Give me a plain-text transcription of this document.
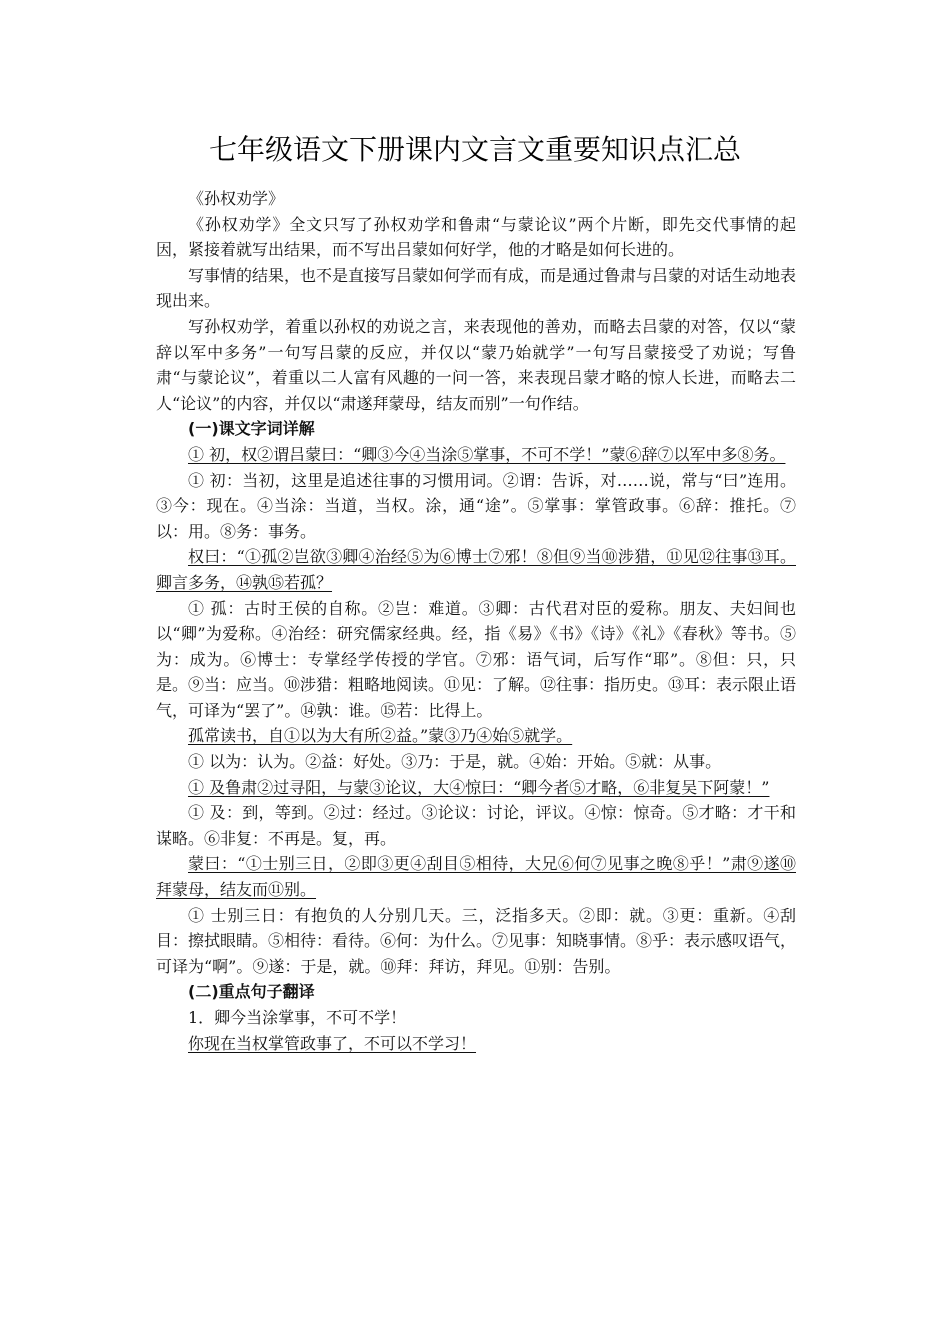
七年级语文下册课内文言文重要知识点汇总

《孙权劝学》

《孙权劝学》全文只写了孙权劝学和鲁肃“与蒙论议”两个片断，即先交代事情的起因，紧接着就写出结果，而不写出吕蒙如何好学，他的才略是如何长进的。

写事情的结果，也不是直接写吕蒙如何学而有成，而是通过鲁肃与吕蒙的对话生动地表现出来。

写孙权劝学，着重以孙权的劝说之言，来表现他的善劝，而略去吕蒙的对答，仅以“蒙辞以军中多务”一句写吕蒙的反应，并仅以“蒙乃始就学”一句写吕蒙接受了劝说；写鲁肃“与蒙论议”，着重以二人富有风趣的一问一答，来表现吕蒙才略的惊人长进，而略去二人“论议”的内容，并仅以“肃遂拜蒙母，结友而别”一句作结。

(一)课文字词详解

① 初，权②谓吕蒙曰：“卿③今④当涂⑤掌事，不可不学！”蒙⑥辞⑦以军中多⑧务。

① 初：当初，这里是追述往事的习惯用词。②谓：告诉，对……说，常与“曰”连用。③今：现在。④当涂：当道，当权。涂，通“途”。⑤掌事：掌管政事。⑥辞：推托。⑦以：用。⑧务：事务。

权曰：“①孤②岂欲③卿④治经⑤为⑥博士⑦邪！⑧但⑨当⑩涉猎，⑪见⑫往事⑬耳。卿言多务，⑭孰⑮若孤？

① 孤：古时王侯的自称。②岂：难道。③卿：古代君对臣的爱称。朋友、夫妇间也以“卿”为爱称。④治经：研究儒家经典。经，指《易》《书》《诗》《礼》《春秋》等书。⑤为：成为。⑥博士：专掌经学传授的学官。⑦邪：语气词，后写作“耶”。⑧但：只，只是。⑨当：应当。⑩涉猎：粗略地阅读。⑪见：了解。⑫往事：指历史。⑬耳：表示限止语气，可译为“罢了”。⑭孰：谁。⑮若：比得上。

孤常读书，自①以为大有所②益。”蒙③乃④始⑤就学。

① 以为：认为。②益：好处。③乃：于是，就。④始：开始。⑤就：从事。

① 及鲁肃②过寻阳，与蒙③论议，大④惊曰：“卿今者⑤才略，⑥非复吴下阿蒙！”

① 及：到，等到。②过：经过。③论议：讨论，评议。④惊：惊奇。⑤才略：才干和谋略。⑥非复：不再是。复，再。

蒙曰：“①士别三日，②即③更④刮目⑤相待，大兄⑥何⑦见事之晚⑧乎！”肃⑨遂⑩拜蒙母，结友而⑪别。

① 士别三日：有抱负的人分别几天。三，泛指多天。②即：就。③更：重新。④刮目：擦拭眼睛。⑤相待：看待。⑥何：为什么。⑦见事：知晓事情。⑧乎：表示感叹语气，可译为“啊”。⑨遂：于是，就。⑩拜：拜访，拜见。⑪别：告别。

(二)重点句子翻译

1．卿今当涂掌事，不可不学！

你现在当权掌管政事了，不可以不学习！
